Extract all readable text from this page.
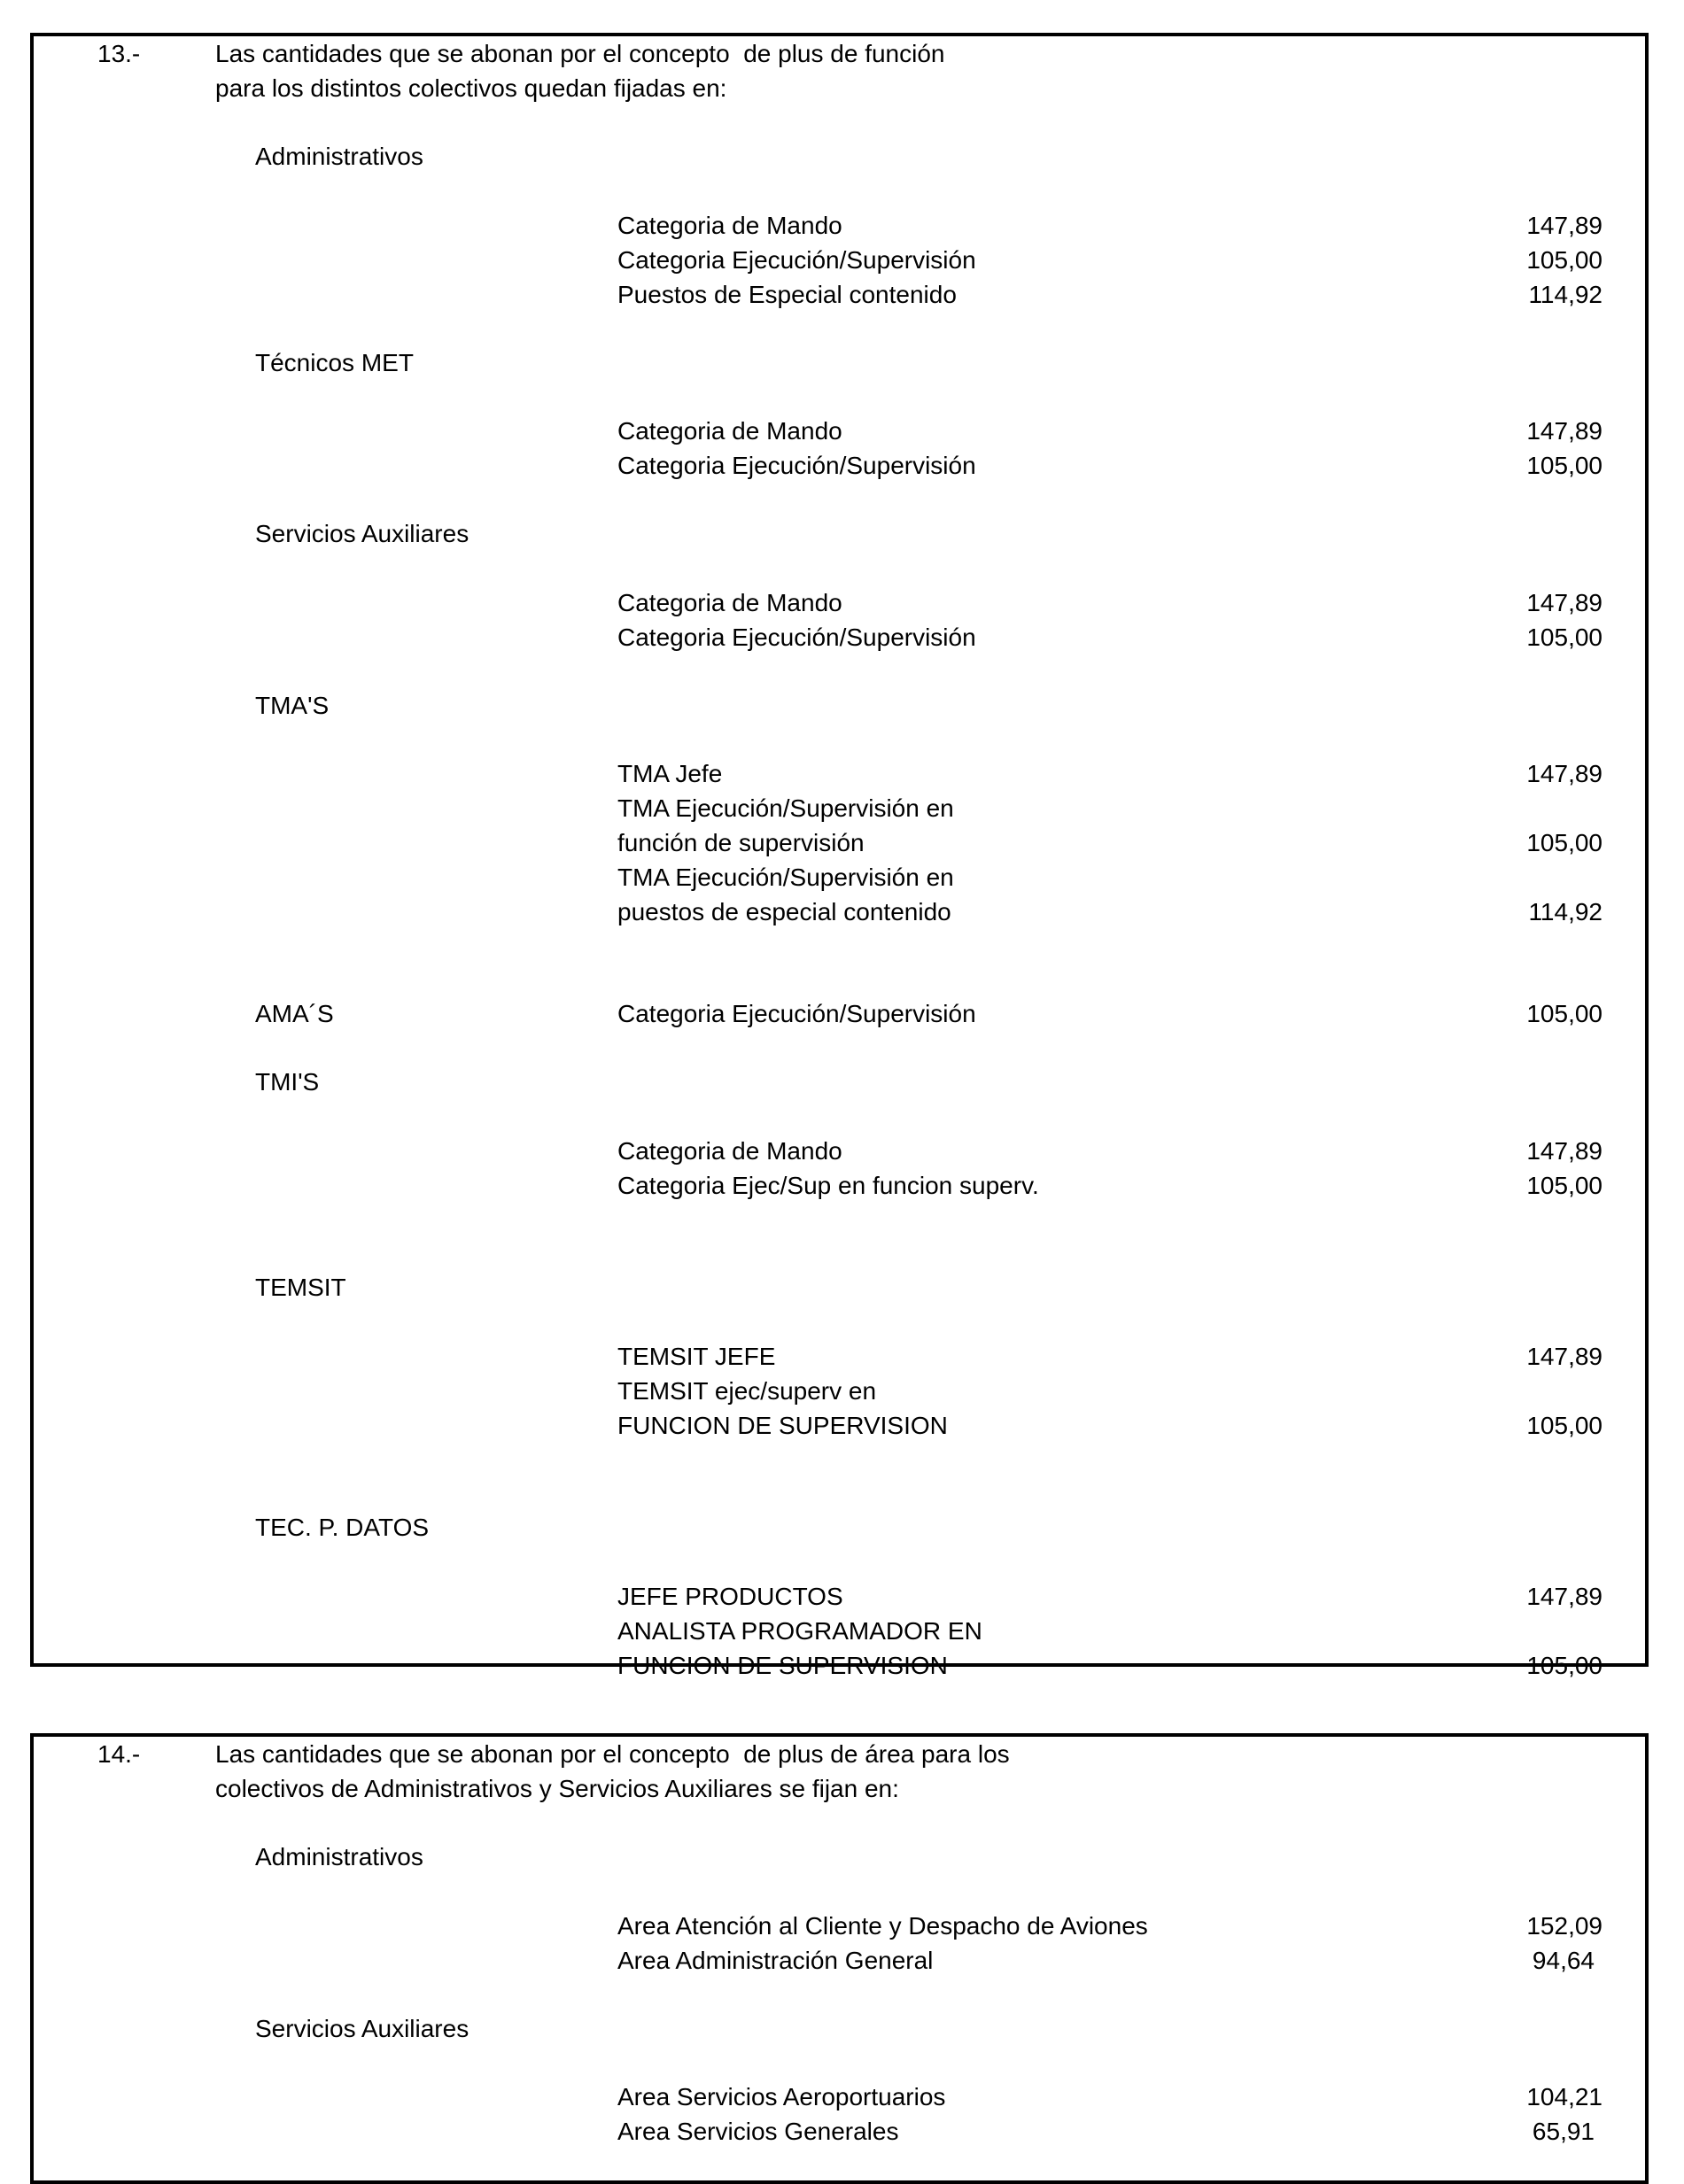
13.-	Las cantidades que se abonan por el concepto  de plus de función
para los distintos colectivos quedan fijadas en:
Administrativos
Categoria de Mando	147,89
Categoria Ejecución/Supervisión	105,00
Puestos de Especial contenido	114,92
Técnicos MET
Categoria de Mando	147,89
Categoria Ejecución/Supervisión	105,00
Servicios Auxiliares
Categoria de Mando	147,89
Categoria Ejecución/Supervisión	105,00
TMA'S
TMA Jefe	147,89
TMA Ejecución/Supervisión en
función de supervisión	105,00
TMA Ejecución/Supervisión en
puestos de especial contenido	114,92
AMA´S	Categoria Ejecución/Supervisión	105,00
TMI'S
Categoria de Mando	147,89
Categoria Ejec/Sup en funcion superv.	105,00
TEMSIT
TEMSIT JEFE	147,89
TEMSIT ejec/superv en
FUNCION DE SUPERVISION	105,00
TEC. P. DATOS
JEFE PRODUCTOS	147,89
ANALISTA PROGRAMADOR EN
FUNCION DE SUPERVISION	105,00
14.-	Las cantidades que se abonan por el concepto  de plus de área para los
colectivos de Administrativos y Servicios Auxiliares se fijan en:
Administrativos
Area Atención al Cliente y Despacho de Aviones	152,09
Area Administración General	94,64
Servicios Auxiliares
Area Servicios Aeroportuarios	104,21
Area Servicios Generales	65,91
